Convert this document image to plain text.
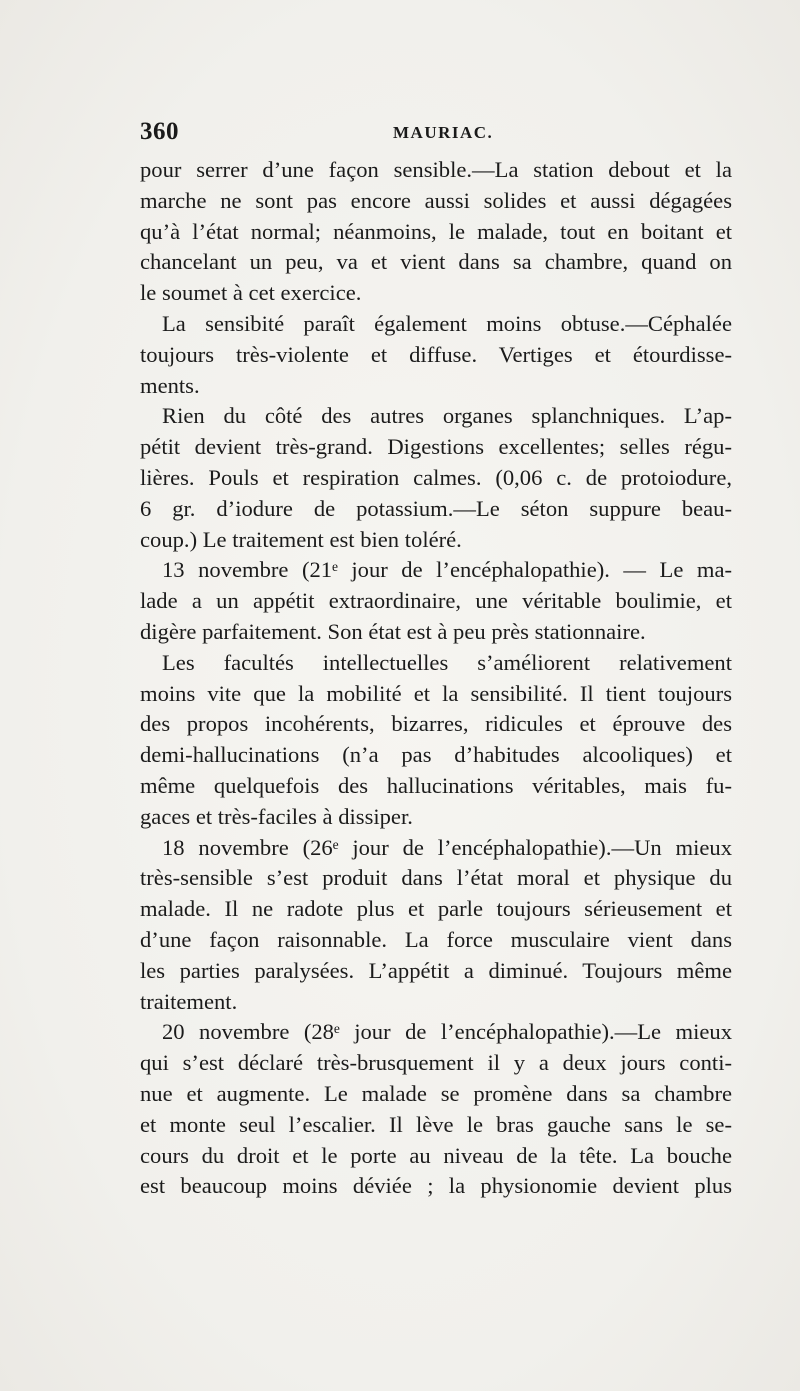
360	MAURIAC.
pour serrer d’une façon sensible.—La station debout et la
marche ne sont pas encore aussi solides et aussi dégagées
qu’à l’état normal; néanmoins, le malade, tout en boitant et
chancelant un peu, va et vient dans sa chambre, quand on
le soumet à cet exercice.
La sensibité paraît également moins obtuse.—Céphalée
toujours très-violente et diffuse. Vertiges et étourdisse-
ments.
Rien du côté des autres organes splanchniques. L’ap-
pétit devient très-grand. Digestions excellentes; selles régu-
lières. Pouls et respiration calmes. (0,06 c. de protoiodure,
6 gr. d’iodure de potassium.—Le séton suppure beau-
coup.) Le traitement est bien toléré.
13 novembre (21ᵉ jour de l’encéphalopathie). — Le ma-
lade a un appétit extraordinaire, une véritable boulimie, et
digère parfaitement. Son état est à peu près stationnaire.
Les facultés intellectuelles s’améliorent relativement
moins vite que la mobilité et la sensibilité. Il tient toujours
des propos incohérents, bizarres, ridicules et éprouve des
demi-hallucinations (n’a pas d’habitudes alcooliques) et
même quelquefois des hallucinations véritables, mais fu-
gaces et très-faciles à dissiper.
18 novembre (26ᵉ jour de l’encéphalopathie).—Un mieux
très-sensible s’est produit dans l’état moral et physique du
malade. Il ne radote plus et parle toujours sérieusement et
d’une façon raisonnable. La force musculaire vient dans
les parties paralysées. L’appétit a diminué. Toujours même
traitement.
20 novembre (28ᵉ jour de l’encéphalopathie).—Le mieux
qui s’est déclaré très-brusquement il y a deux jours conti-
nue et augmente. Le malade se promène dans sa chambre
et monte seul l’escalier. Il lève le bras gauche sans le se-
cours du droit et le porte au niveau de la tête. La bouche
est beaucoup moins déviée ; la physionomie devient plus
